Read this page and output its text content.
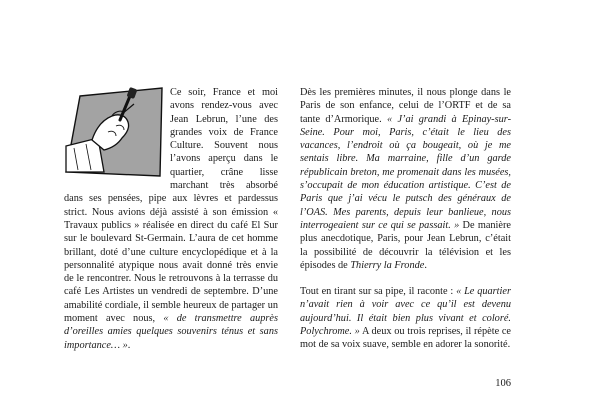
Ce soir, France et moi avons rendez-vous avec Jean Lebrun, l’une des grandes voix de France Culture. Souvent nous l’avons aperçu dans le quartier, crâne lisse marchant très absorbé dans ses pensées, pipe aux lèvres et pardessus strict. Nous avions déjà assisté à son émission « Travaux publics » réalisée en direct du café El Sur sur le boulevard St-Germain. L’aura de cet homme brillant, doté d’une culture encyclopédique et à la personnalité atypique nous avait donné très envie de le rencontrer. Nous le retrouvons à la terrasse du café Les Artistes un vendredi de septembre. D’une amabilité cordiale, il semble heureux de partager un moment avec nous, « de transmettre auprès d’oreilles amies quelques souvenirs ténus et sans importance… ».

Dès les premières minutes, il nous plonge dans le Paris de son enfance, celui de l’ORTF et de sa tante d’Armorique. « J’ai grandi à Epinay-sur-Seine. Pour moi, Paris, c’était le lieu des vacances, l’endroit où ça bougeait, où je me sentais libre. Ma marraine, fille d’un garde républicain breton, me promenait dans les musées, s’occupait de mon éducation artistique. C’est de Paris que j’ai vécu le putsch des généraux de l’OAS. Mes parents, depuis leur banlieue, nous interrogeaient sur ce qui se passait. » De manière plus anecdotique, Paris, pour Jean Lebrun, c’était la possibilité de découvrir la télévision et les épisodes de Thierry la Fronde.

Tout en tirant sur sa pipe, il raconte : « Le quartier n’avait rien à voir avec ce qu’il est devenu aujourd’hui. Il était bien plus vivant et coloré. Polychrome. » A deux ou trois reprises, il répète ce mot de sa voix suave, semble en adorer la sonorité.

106
